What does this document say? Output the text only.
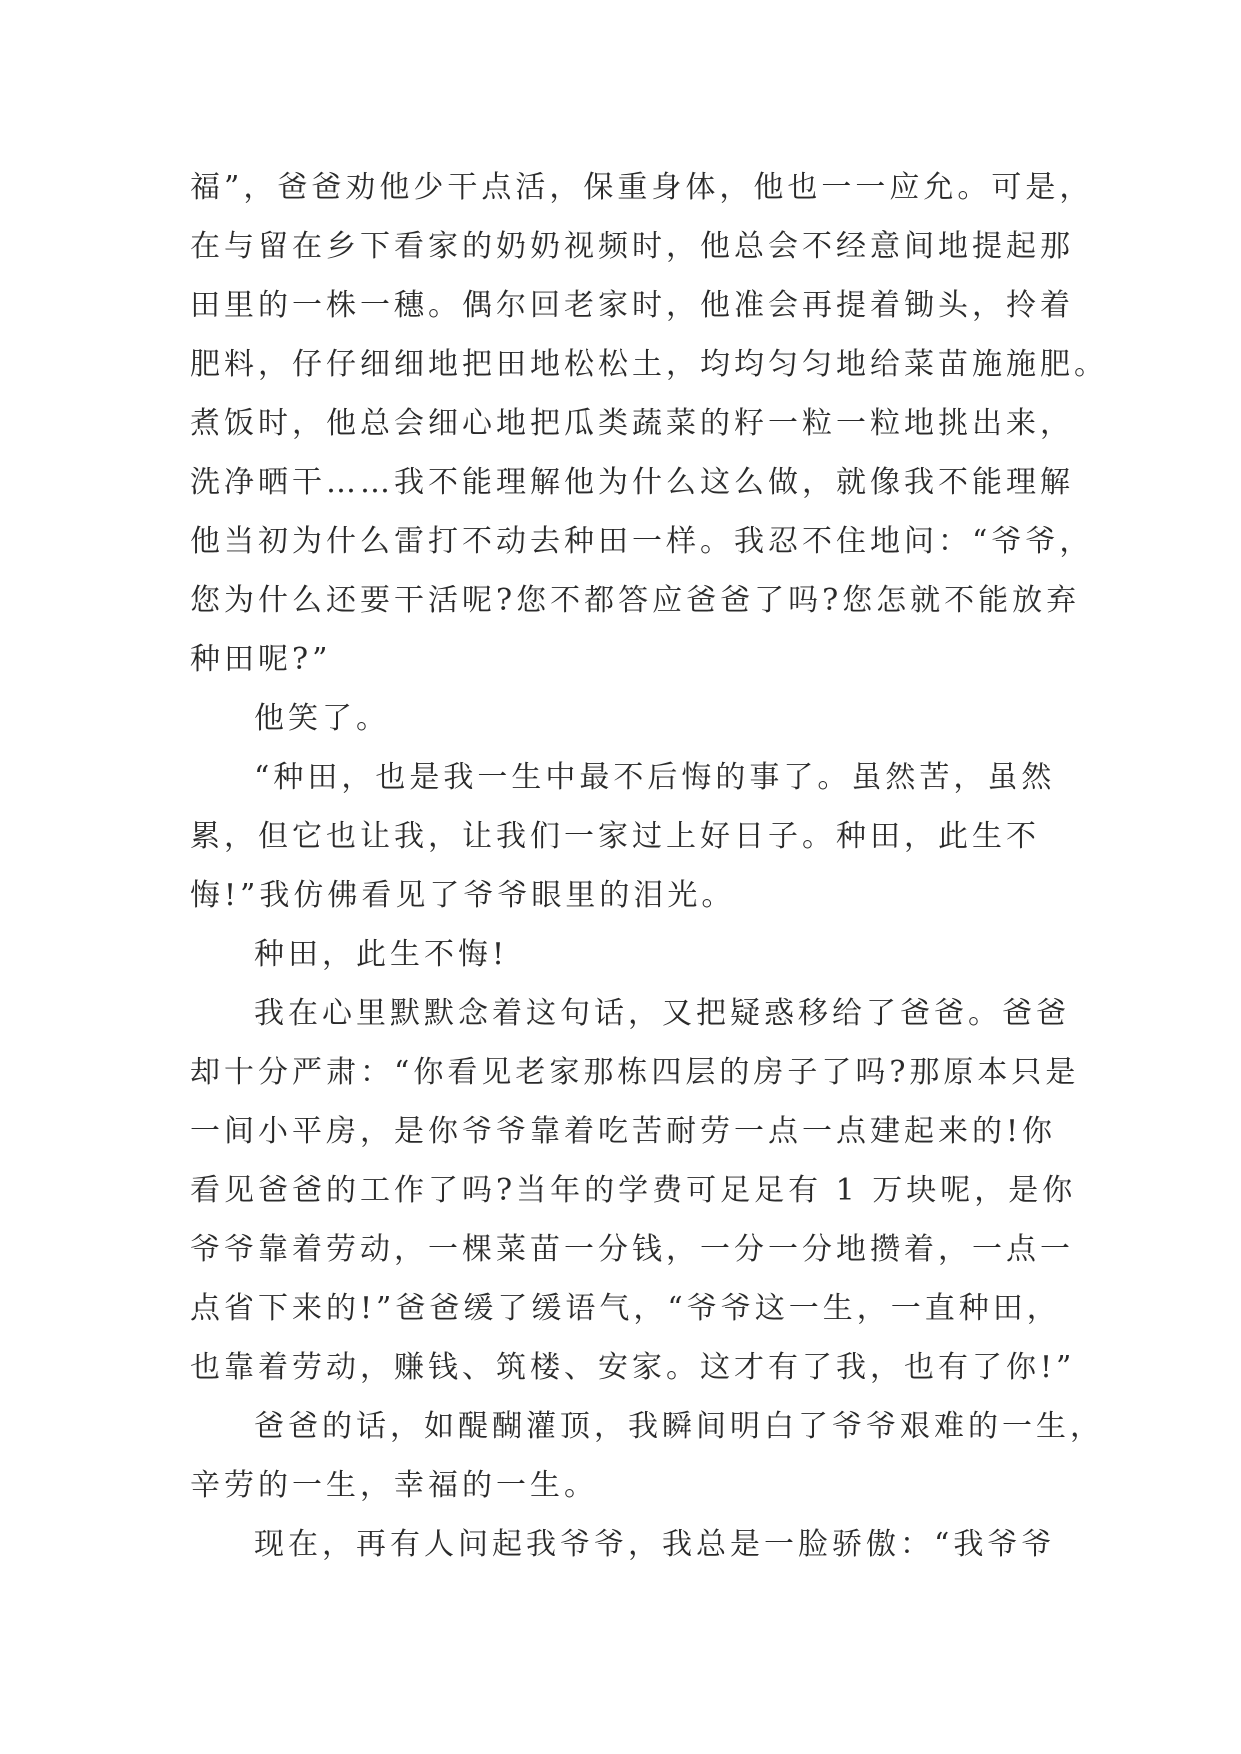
福”，爸爸劝他少干点活，保重身体，他也一一应允。可是，
在与留在乡下看家的奶奶视频时，他总会不经意间地提起那
田里的一株一穗。偶尔回老家时，他准会再提着锄头，拎着
肥料，仔仔细细地把田地松松土，均均匀匀地给菜苗施施肥。
煮饭时，他总会细心地把瓜类蔬菜的籽一粒一粒地挑出来，
洗净晒干……我不能理解他为什么这么做，就像我不能理解
他当初为什么雷打不动去种田一样。我忍不住地问：“爷爷，
您为什么还要干活呢?您不都答应爸爸了吗?您怎就不能放弃
种田呢?”
他笑了。
“种田，也是我一生中最不后悔的事了。虽然苦，虽然
累，但它也让我，让我们一家过上好日子。种田，此生不
悔!”我仿佛看见了爷爷眼里的泪光。
种田，此生不悔!
我在心里默默念着这句话，又把疑惑移给了爸爸。爸爸
却十分严肃：“你看见老家那栋四层的房子了吗?那原本只是
一间小平房，是你爷爷靠着吃苦耐劳一点一点建起来的!你
看见爸爸的工作了吗?当年的学费可足足有 1 万块呢，是你
爷爷靠着劳动，一棵菜苗一分钱，一分一分地攒着，一点一
点省下来的!”爸爸缓了缓语气，“爷爷这一生，一直种田，
也靠着劳动，赚钱、筑楼、安家。这才有了我，也有了你!”
爸爸的话，如醍醐灌顶，我瞬间明白了爷爷艰难的一生，
辛劳的一生，幸福的一生。
现在，再有人问起我爷爷，我总是一脸骄傲：“我爷爷
